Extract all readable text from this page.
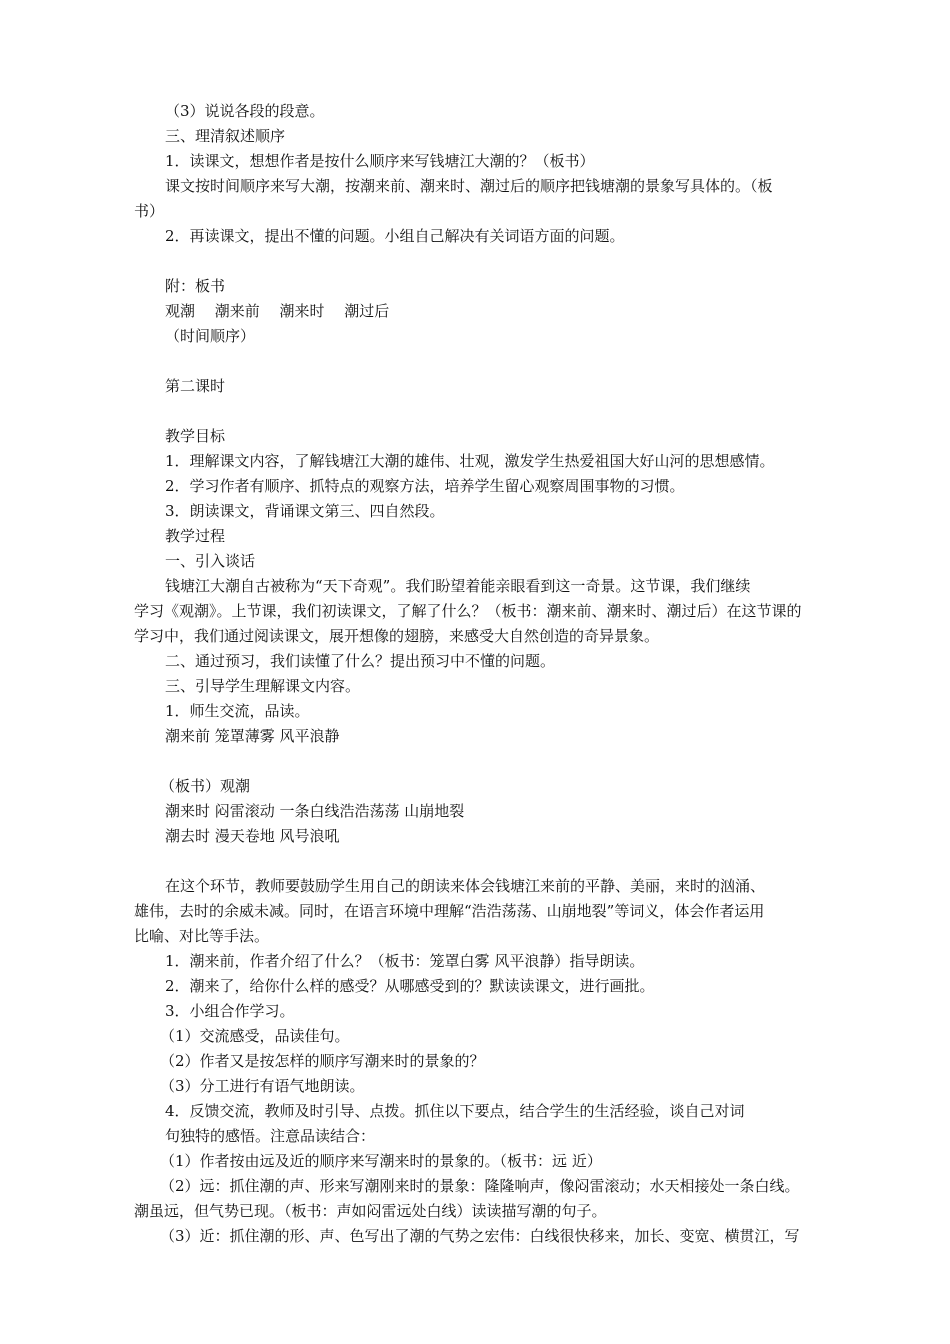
（3）说说各段的段意。
三、理清叙述顺序
1．读课文，想想作者是按什么顺序来写钱塘江大潮的？（板书）
课文按时间顺序来写大潮，按潮来前、潮来时、潮过后的顺序把钱塘潮的景象写具体的。（板
书）
2．再读课文，提出不懂的问题。小组自己解决有关词语方面的问题。
附：板书
观潮　 潮来前　 潮来时　 潮过后
（时间顺序）
第二课时
教学目标
1．理解课文内容，了解钱塘江大潮的雄伟、壮观，激发学生热爱祖国大好山河的思想感情。
2．学习作者有顺序、抓特点的观察方法，培养学生留心观察周围事物的习惯。
3．朗读课文，背诵课文第三、四自然段。
教学过程
一、引入谈话
钱塘江大潮自古被称为“天下奇观”。我们盼望着能亲眼看到这一奇景。这节课，我们继续
学习《观潮》。上节课，我们初读课文，了解了什么？（板书：潮来前、潮来时、潮过后）在这节课的
学习中，我们通过阅读课文，展开想像的翅膀，来感受大自然创造的奇异景象。
二、通过预习，我们读懂了什么？提出预习中不懂的问题。
三、引导学生理解课文内容。
1．师生交流，品读。
潮来前 笼罩薄雾 风平浪静
（板书）观潮
潮来时 闷雷滚动 一条白线浩浩荡荡 山崩地裂
潮去时 漫天卷地 风号浪吼
在这个环节，教师要鼓励学生用自己的朗读来体会钱塘江来前的平静、美丽，来时的汹涌、
雄伟，去时的余威未减。同时，在语言环境中理解“浩浩荡荡、山崩地裂”等词义，体会作者运用
比喻、对比等手法。
1．潮来前，作者介绍了什么？（板书：笼罩白雾 风平浪静）指导朗读。
2．潮来了，给你什么样的感受？从哪感受到的？默读读课文，进行画批。
3．小组合作学习。
（1）交流感受，品读佳句。
（2）作者又是按怎样的顺序写潮来时的景象的？
（3）分工进行有语气地朗读。
4．反馈交流，教师及时引导、点拨。抓住以下要点，结合学生的生活经验，谈自己对词
句独特的感悟。注意品读结合：
（1）作者按由远及近的顺序来写潮来时的景象的。（板书：远 近）
（2）远：抓住潮的声、形来写潮刚来时的景象：隆隆响声，像闷雷滚动；水天相接处一条白线。
潮虽远，但气势已现。（板书：声如闷雷远处白线）读读描写潮的句子。
（3）近：抓住潮的形、声、色写出了潮的气势之宏伟：白线很快移来，加长、变宽、横贯江，写
